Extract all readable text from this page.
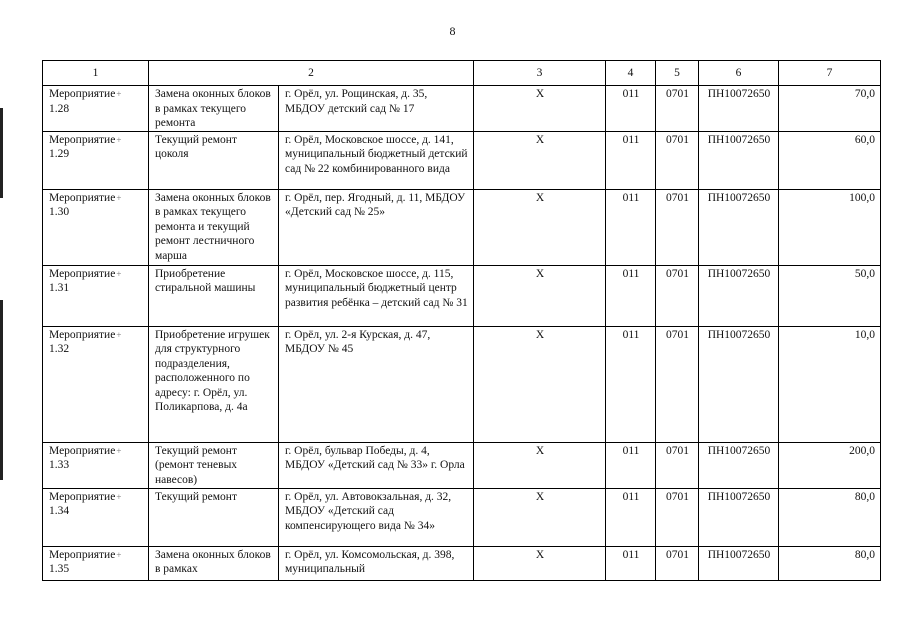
8
1	2		3	4	5	6	7
Мероприятие+
1.28	Замена оконных блоков в рамках текущего ремонта	г. Орёл, ул. Рощинская, д. 35, МБДОУ детский сад № 17	Х	011	0701	ПН10072650	70,0
Мероприятие+
1.29	Текущий ремонт цоколя	г. Орёл, Московское шоссе, д. 141, муниципальный бюджетный детский сад № 22 комбинированного вида	Х	011	0701	ПН10072650	60,0
Мероприятие+
1.30	Замена оконных блоков в рамках текущего ремонта и текущий ремонт лестничного марша	г. Орёл, пер. Ягодный, д. 11, МБДОУ «Детский сад № 25»	Х	011	0701	ПН10072650	100,0
Мероприятие+
1.31	Приобретение стиральной машины	г. Орёл, Московское шоссе, д. 115, муниципальный бюджетный центр развития ребёнка – детский сад № 31	Х	011	0701	ПН10072650	50,0
Мероприятие+
1.32	Приобретение игрушек для структурного подразделения, расположенного по адресу: г. Орёл, ул. Поликарпова, д. 4а	г. Орёл, ул. 2-я Курская, д. 47, МБДОУ № 45	Х	011	0701	ПН10072650	10,0
Мероприятие+
1.33	Текущий ремонт (ремонт теневых навесов)	г. Орёл, бульвар Победы, д. 4, МБДОУ «Детский сад № 33» г. Орла	Х	011	0701	ПН10072650	200,0
Мероприятие+
1.34	Текущий ремонт	г. Орёл, ул. Автовокзальная, д. 32, МБДОУ «Детский сад компенсирующего вида № 34»	Х	011	0701	ПН10072650	80,0
Мероприятие+
1.35	Замена оконных блоков в рамках	г. Орёл, ул. Комсомольская, д. 398, муниципальный	Х	011	0701	ПН10072650	80,0
